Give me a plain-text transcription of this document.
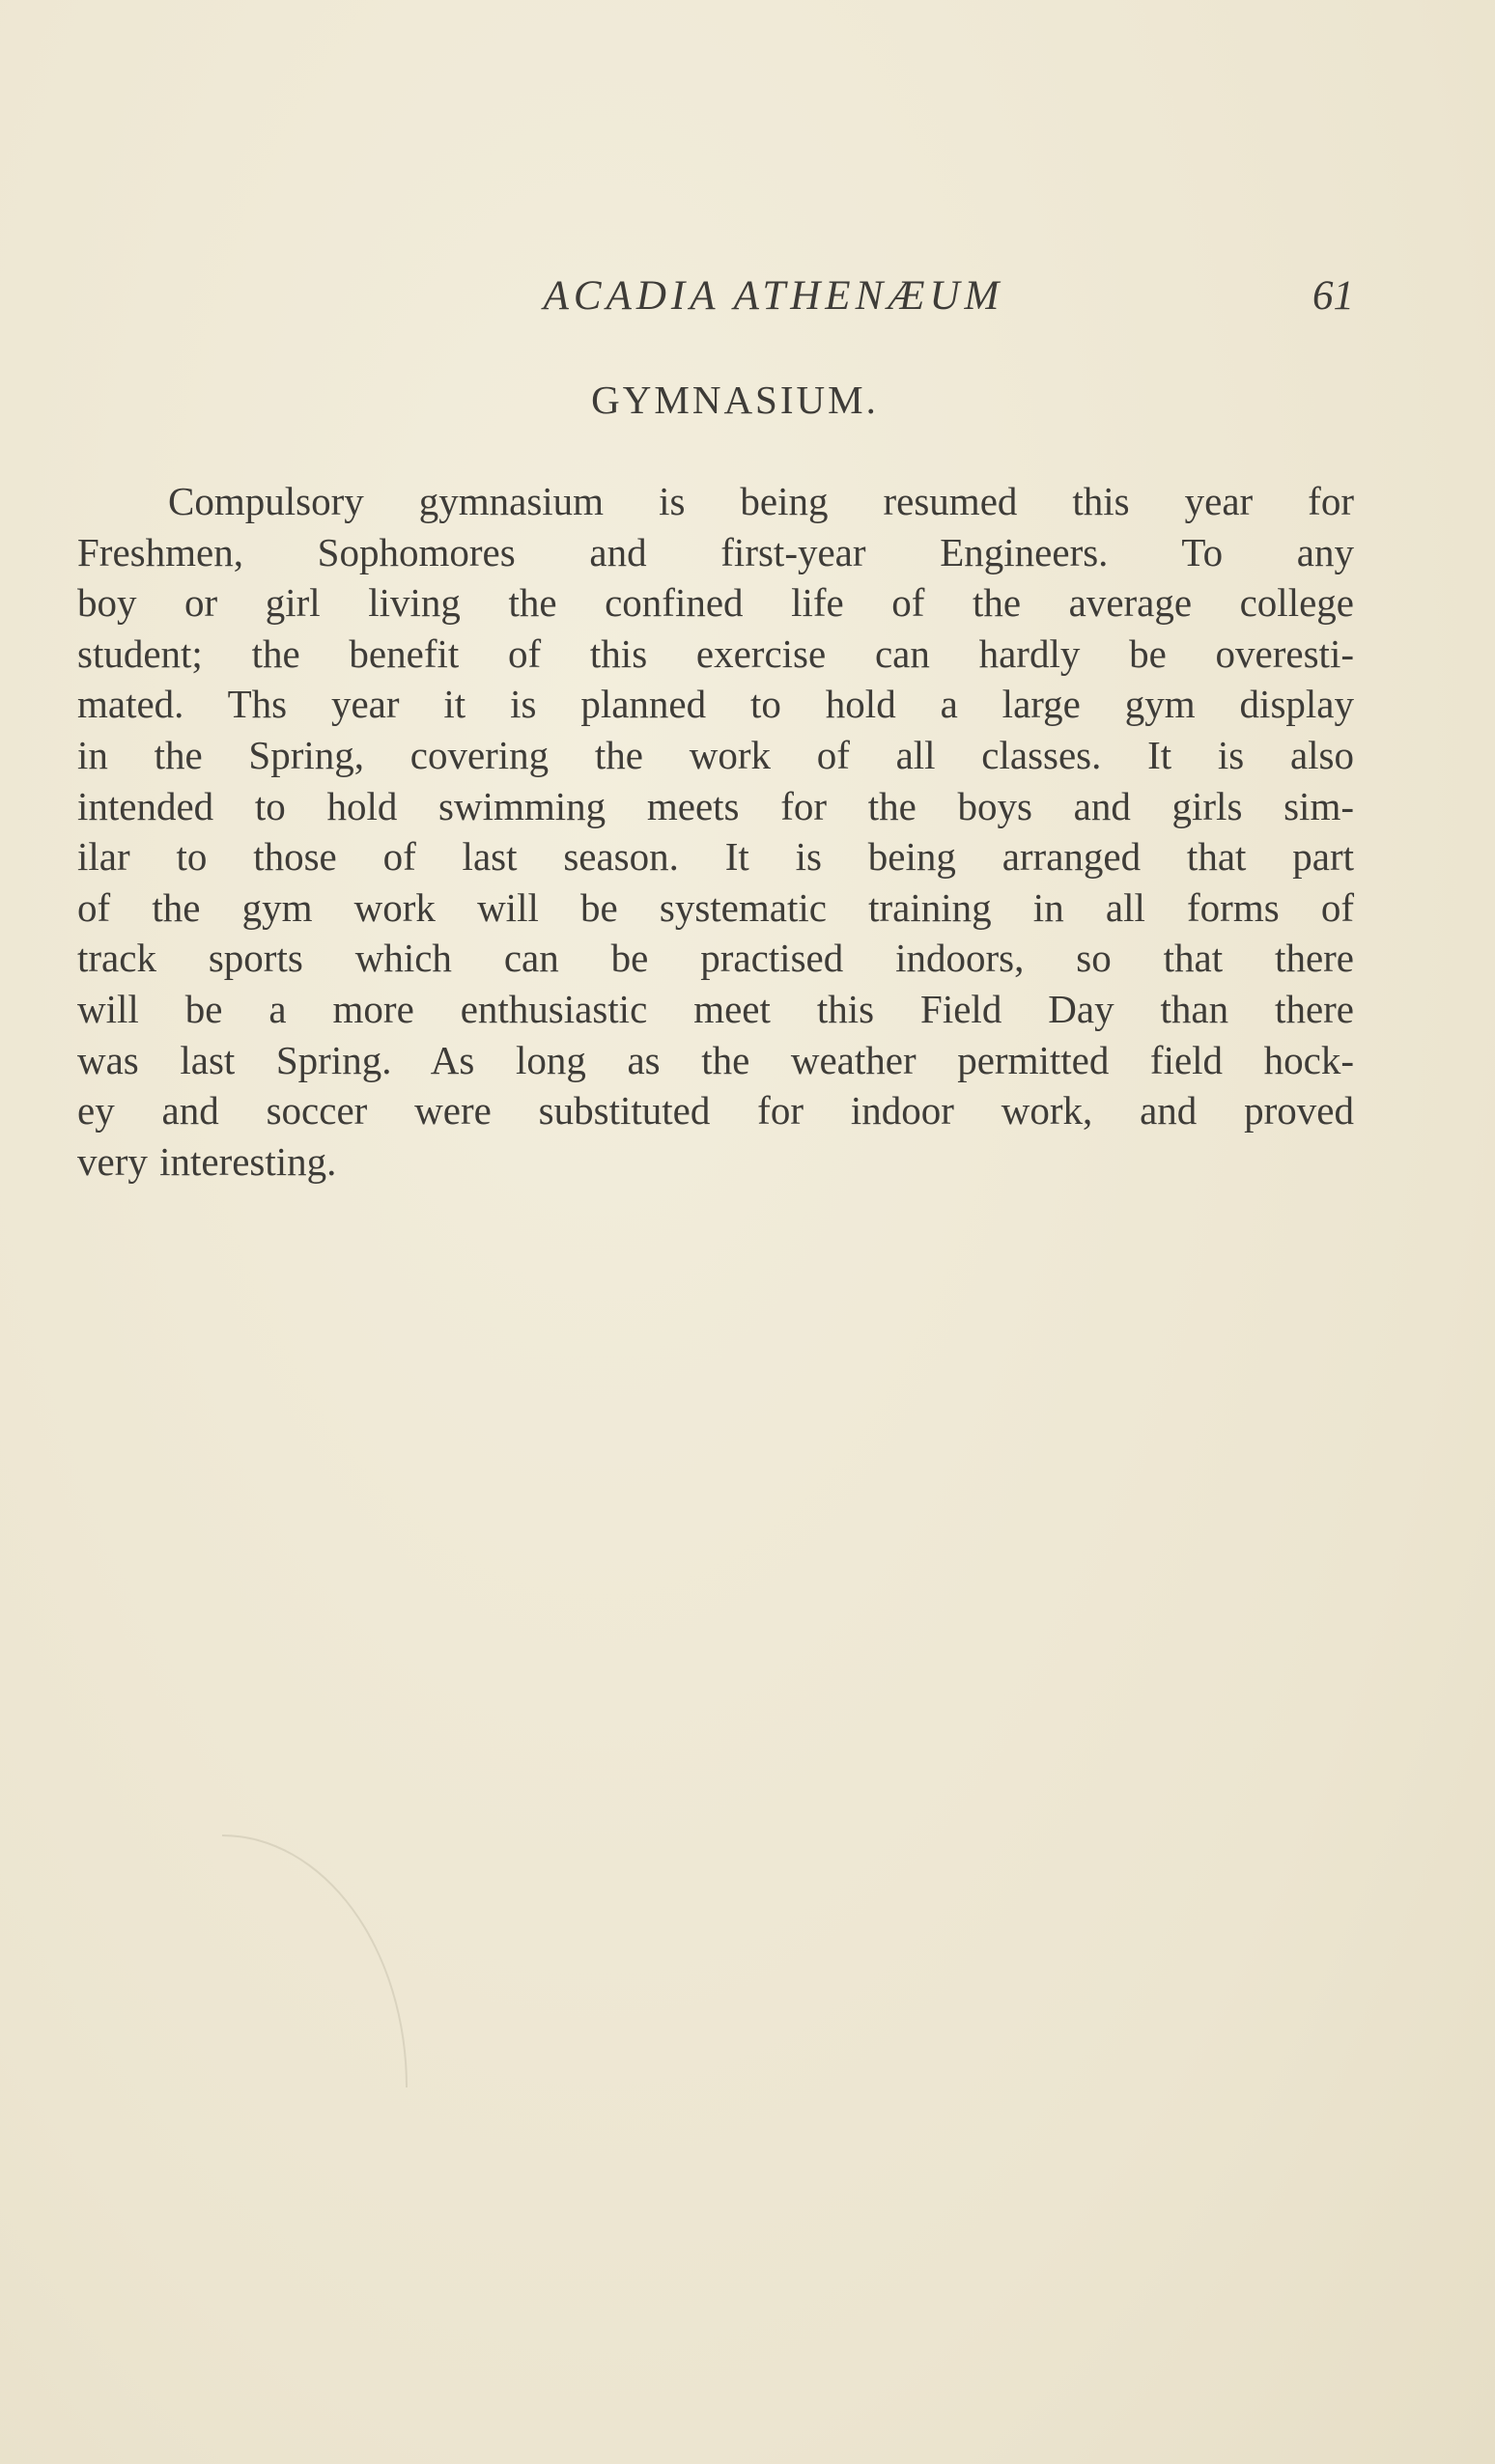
ACADIA ATHENÆUM	61
GYMNASIUM.
Compulsory gymnasium is being resumed this year for
Freshmen, Sophomores and first-year Engineers. To any
boy or girl living the confined life of the average college
student; the benefit of this exercise can hardly be overesti-
mated. Ths year it is planned to hold a large gym display
in the Spring, covering the work of all classes. It is also
intended to hold swimming meets for the boys and girls sim-
ilar to those of last season. It is being arranged that part
of the gym work will be systematic training in all forms of
track sports which can be practised indoors, so that there
will be a more enthusiastic meet this Field Day than there
was last Spring. As long as the weather permitted field hock-
ey and soccer were substituted for indoor work, and proved
very interesting.
